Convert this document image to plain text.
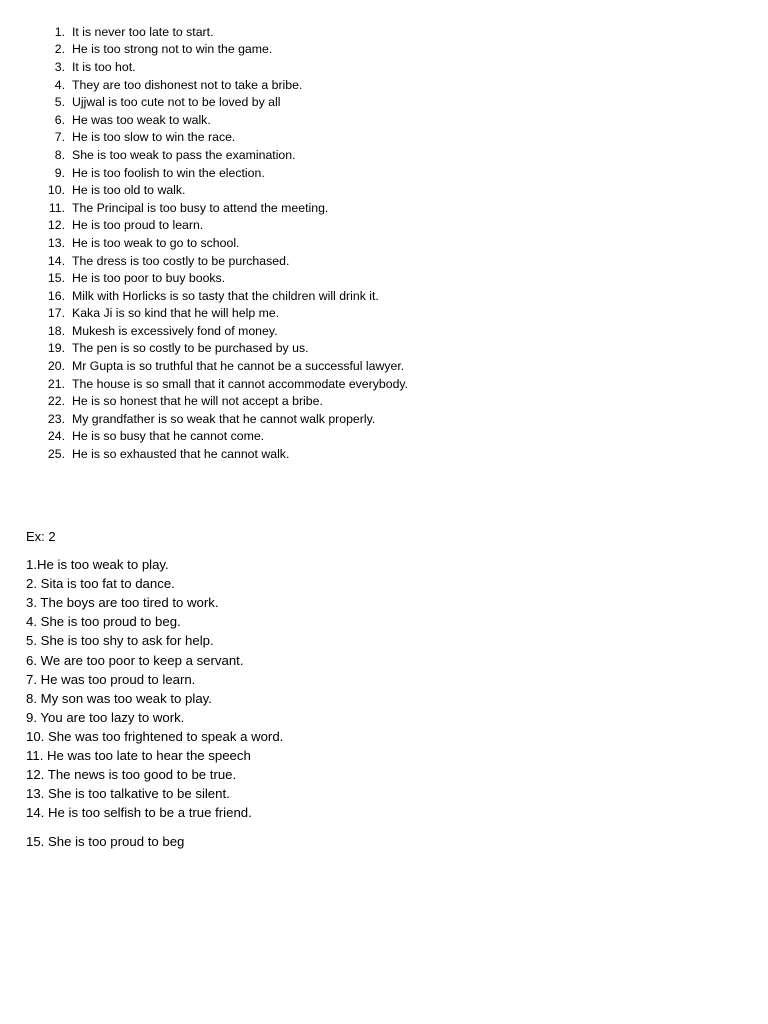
1. It is never too late to start.
2. He is too strong not to win the game.
3. It is too hot.
4. They are too dishonest not to take a bribe.
5. Ujjwal is too cute not to be loved by all
6. He was too weak to walk.
7. He is too slow to win the race.
8. She is too weak to pass the examination.
9. He is too foolish to win the election.
10. He is too old to walk.
11. The Principal is too busy to attend the meeting.
12. He is too proud to learn.
13. He is too weak to go to school.
14. The dress is too costly to be purchased.
15. He is too poor to buy books.
16. Milk with Horlicks is so tasty that the children will drink it.
17. Kaka Ji is so kind that he will help me.
18. Mukesh is excessively fond of money.
19. The pen is so costly to be purchased by us.
20. Mr Gupta is so truthful that he cannot be a successful lawyer.
21. The house is so small that it cannot accommodate everybody.
22. He is so honest that he will not accept a bribe.
23. My grandfather is so weak that he cannot walk properly.
24. He is so busy that he cannot come.
25. He is so exhausted that he cannot walk.

Ex: 2

1.He is too weak to play.
2. Sita is too fat to dance.
3. The boys are too tired to work.
4. She is too proud to beg.
5. She is too shy to ask for help.
6. We are too poor to keep a servant.
7. He was too proud to learn.
8. My son was too weak to play.
9. You are too lazy to work.
10. She was too frightened to speak a word.
11. He was too late to hear the speech
12. The news is too good to be true.
13. She is too talkative to be silent.
14. He is too selfish to be a true friend.
15. She is too proud to beg
